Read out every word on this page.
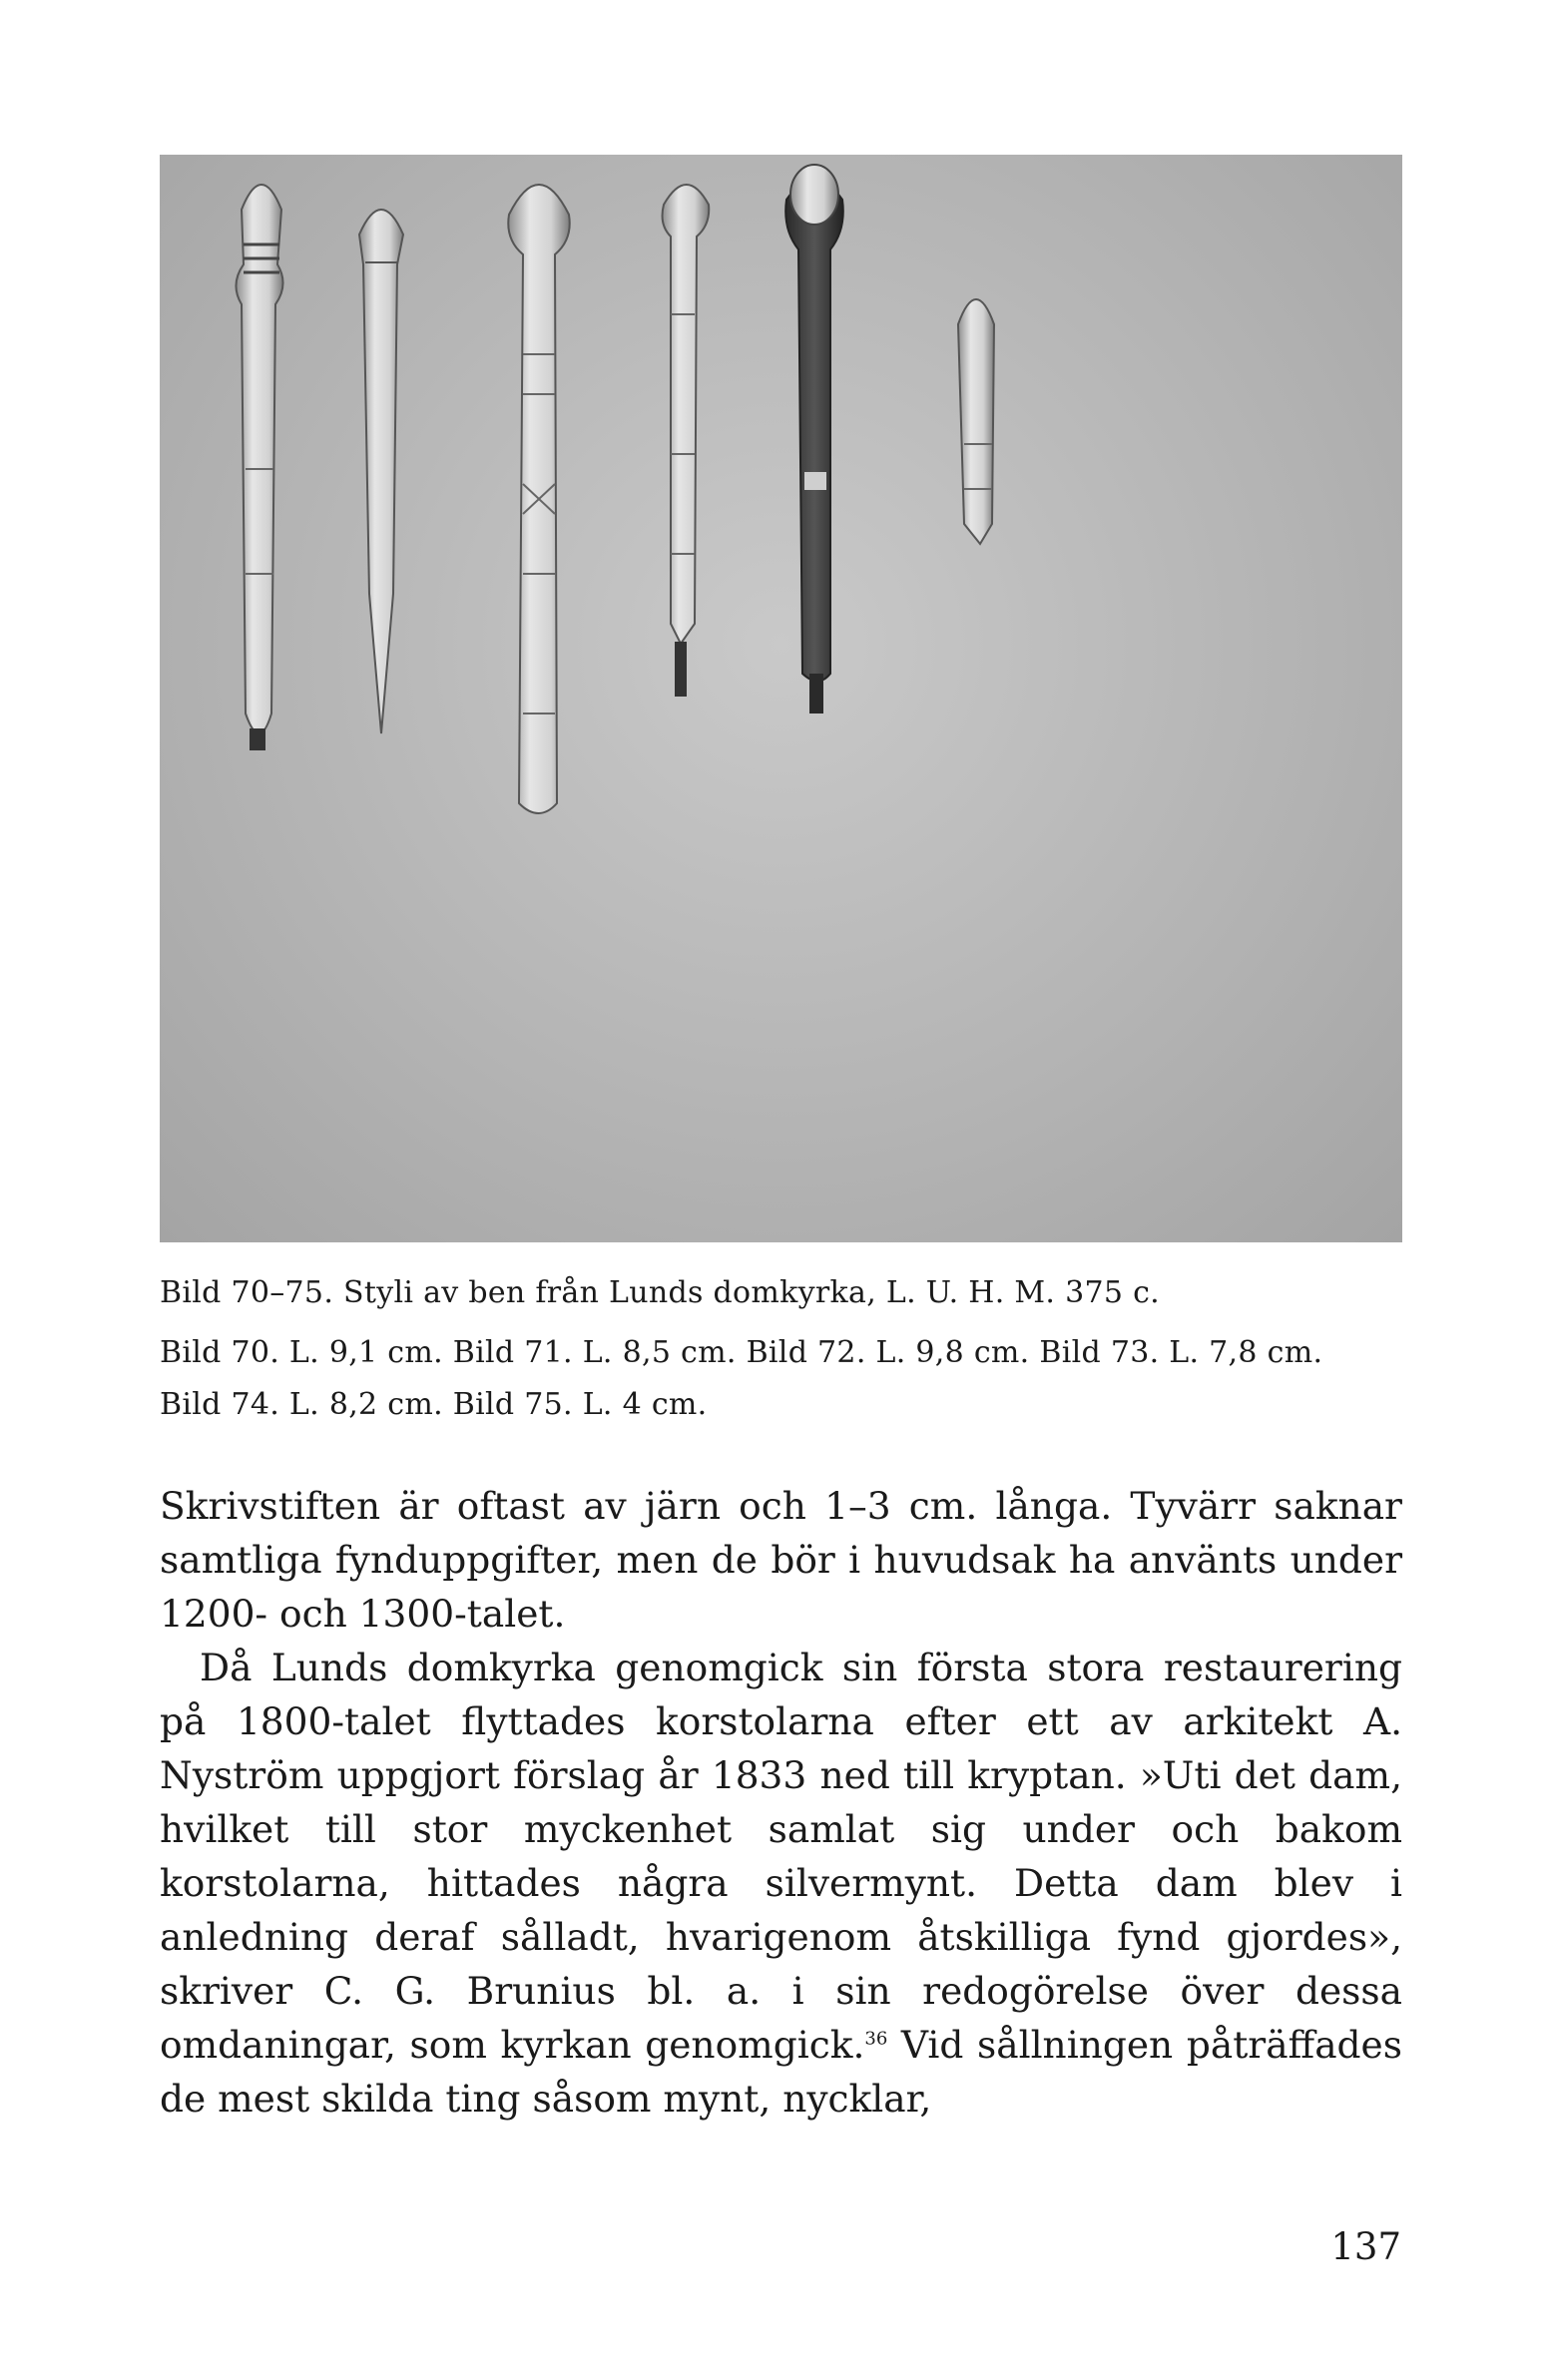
Bild 70–75. Styli av ben från Lunds domkyrka, L. U. H. M. 375 c.
Bild 70. L. 9,1 cm. Bild 71. L. 8,5 cm. Bild 72. L. 9,8 cm. Bild 73. L. 7,8 cm.
Bild 74. L. 8,2 cm. Bild 75. L. 4 cm.

Skrivstiften är oftast av järn och 1–3 cm. långa. Tyvärr saknar samtliga fynduppgifter, men de bör i huvudsak ha använts under 1200- och 1300-talet.

Då Lunds domkyrka genomgick sin första stora restaurering på 1800-talet flyttades korstolarna efter ett av arkitekt A. Nyström uppgjort förslag år 1833 ned till kryptan. »Uti det dam, hvilket till stor myckenhet samlat sig under och bakom korstolarna, hittades några silvermynt. Detta dam blev i anledning deraf sålladt, hvarigenom åtskilliga fynd gjordes», skriver C. G. Brunius bl. a. i sin redogörelse över dessa omdaningar, som kyrkan genomgick.$^{36}$ Vid sållningen påträffades de mest skilda ting såsom mynt, nycklar,

137
